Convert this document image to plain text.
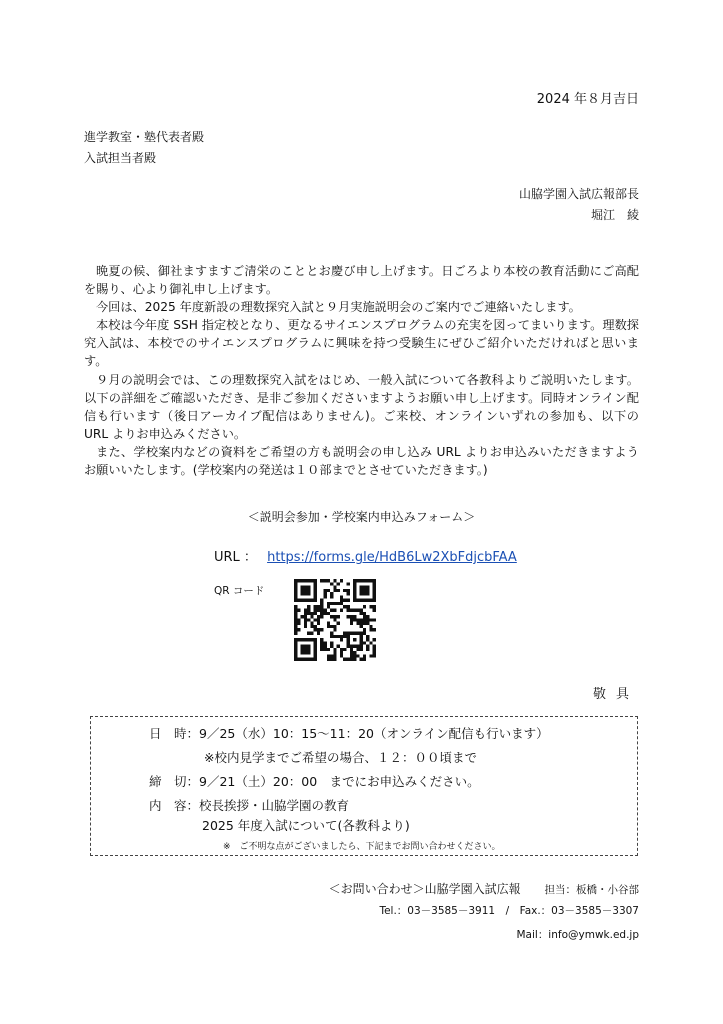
2024 年８月吉日
進学教室・塾代表者殿
入試担当者殿
山脇学園入試広報部長
堀江　綾

晩夏の候、御社ますますご清栄のこととお慶び申し上げます。日ごろより本校の教育活動にご高配を賜り、心より御礼申し上げます。

今回は、2025 年度新設の理数探究入試と９月実施説明会のご案内でご連絡いたします。

本校は今年度 SSH 指定校となり、更なるサイエンスプログラムの充実を図ってまいります。理数探究入試は、本校でのサイエンスプログラムに興味を持つ受験生にぜひご紹介いただければと思います。

９月の説明会では、この理数探究入試をはじめ、一般入試について各教科よりご説明いたします。以下の詳細をご確認いただき、是非ご参加くださいますようお願い申し上げます。同時オンライン配信も行います（後日アーカイブ配信はありません)。ご来校、オンラインいずれの参加も、以下の URL よりお申込みください。

また、学校案内などの資料をご希望の方も説明会の申し込み URL よりお申込みいただきますようお願いいたします。(学校案内の発送は１０部までとさせていただきます。)

＜説明会参加・学校案内申込みフォーム＞
URL ： https://forms.gle/HdB6Lw2XbFdjcbFAA
QR コード
敬具
日　時：9／25（水）10：15～11：20（オンライン配信も行います）
※校内見学までご希望の場合、１２：００頃まで
締　切：9／21（土）20：00　までにお申込みください。
内　容：校長挨拶・山脇学園の教育
2025 年度入試について(各教科より)
※　ご不明な点がございましたら、下記までお問い合わせください。
＜お問い合わせ＞山脇学園入試広報 担当：板橋・小谷部
Tel.：03－3585－3911　/　Fax.：03－3585－3307
Mail：info@ymwk.ed.jp
